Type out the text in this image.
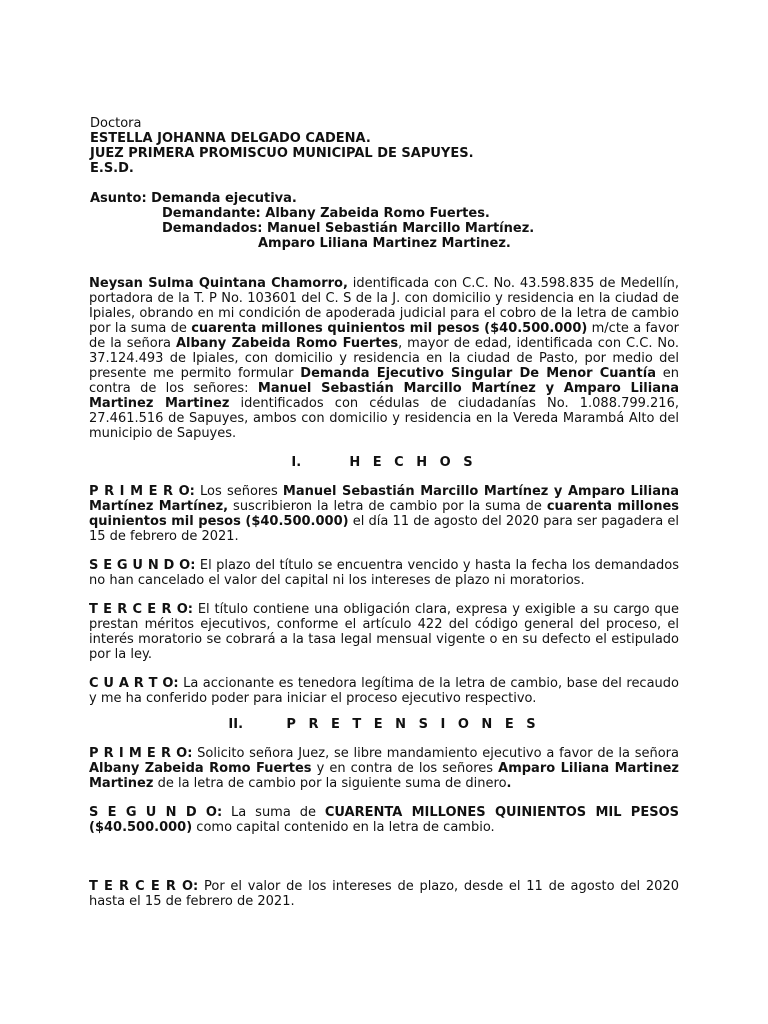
Doctora
ESTELLA JOHANNA DELGADO CADENA.
JUEZ PRIMERA PROMISCUO MUNICIPAL DE SAPUYES.
E.S.D.
Asunto: Demanda ejecutiva.
Demandante: Albany Zabeida Romo Fuertes.
Demandados: Manuel Sebastián Marcillo Martínez.
Amparo Liliana Martinez Martinez.

Neysan Sulma Quintana Chamorro, identificada con C.C. No. 43.598.835 de Medellín, portadora de la T. P No. 103601 del C. S de la J. con domicilio y residencia en la ciudad de Ipiales, obrando en mi condición de apoderada judicial para el cobro de la letra de cambio por la suma de cuarenta millones quinientos mil pesos ($40.500.000) m/cte a favor de la señora Albany Zabeida Romo Fuertes, mayor de edad, identificada con C.C. No. 37.124.493 de Ipiales, con domicilio y residencia en la ciudad de Pasto, por medio del presente me permito formular Demanda Ejecutivo Singular De Menor Cuantía en contra de los señores: Manuel Sebastián Marcillo Martínez y Amparo Liliana Martinez Martinez identificados con cédulas de ciudadanías No. 1.088.799.216, 27.461.516 de Sapuyes, ambos con domicilio y residencia en la Vereda Marambá Alto del municipio de Sapuyes.

I.	H E C H O S

P R I M E R O: Los señores Manuel Sebastián Marcillo Martínez y Amparo Liliana Martínez Martínez, suscribieron la letra de cambio por la suma de cuarenta millones quinientos mil pesos ($40.500.000) el día 11 de agosto del 2020 para ser pagadera el 15 de febrero de 2021.

S E G U N D O: El plazo del título se encuentra vencido y hasta la fecha los demandados no han cancelado el valor del capital ni los intereses de plazo ni moratorios.

T E R C E R O: El título contiene una obligación clara, expresa y exigible a su cargo que prestan méritos ejecutivos, conforme el artículo 422 del código general del proceso, el interés moratorio se cobrará a la tasa legal mensual vigente o en su defecto el estipulado por la ley.

C U A R T O: La accionante es tenedora legítima de la letra de cambio, base del recaudo y me ha conferido poder para iniciar el proceso ejecutivo respectivo.

II.	P R E T E N S I O N E S

P R I M E R O: Solicito señora Juez, se libre mandamiento ejecutivo a favor de la señora Albany Zabeida Romo Fuertes y en contra de los señores Amparo Liliana Martinez Martinez de la letra de cambio por la siguiente suma de dinero.

S E G U N D O: La suma de CUARENTA MILLONES QUINIENTOS MIL PESOS ($40.500.000) como capital contenido en la letra de cambio.

T E R C E R O: Por el valor de los intereses de plazo, desde el 11 de agosto del 2020 hasta el 15 de febrero de 2021.
